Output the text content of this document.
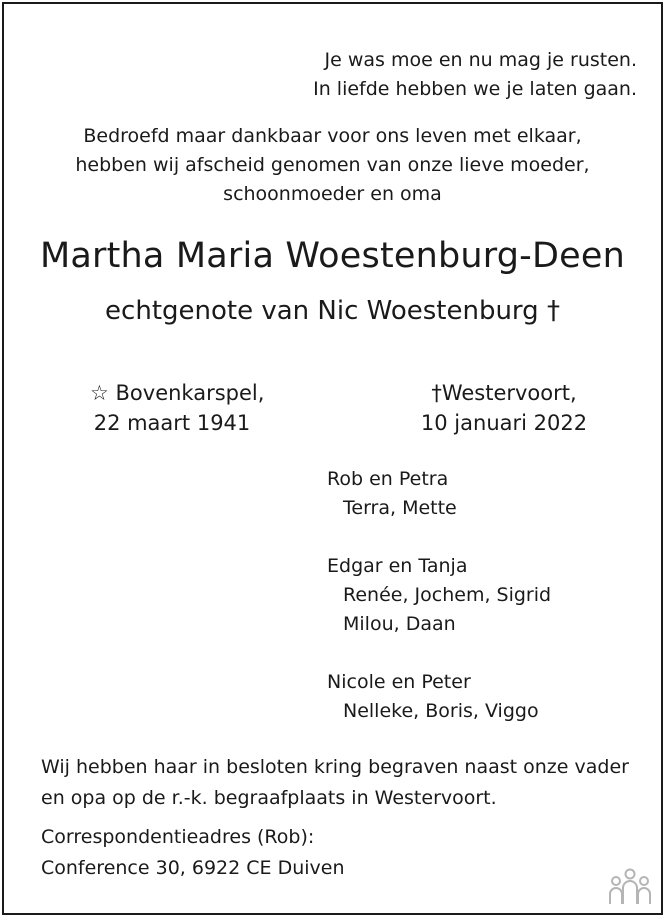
Je was moe en nu mag je rusten.
In liefde hebben we je laten gaan.
Bedroefd maar dankbaar voor ons leven met elkaar,
hebben wij afscheid genomen van onze lieve moeder,
schoonmoeder en oma
Martha Maria Woestenburg-Deen
echtgenote van Nic Woestenburg †
☆ Bovenkarspel,
22 maart 1941
†Westervoort,
10 januari 2022
Rob en Petra
Terra, Mette
Edgar en Tanja
Renée, Jochem, Sigrid
Milou, Daan
Nicole en Peter
Nelleke, Boris, Viggo
Wij hebben haar in besloten kring begraven naast onze vader
en opa op de r.-k. begraafplaats in Westervoort.
Correspondentieadres (Rob):
Conference 30, 6922 CE Duiven
